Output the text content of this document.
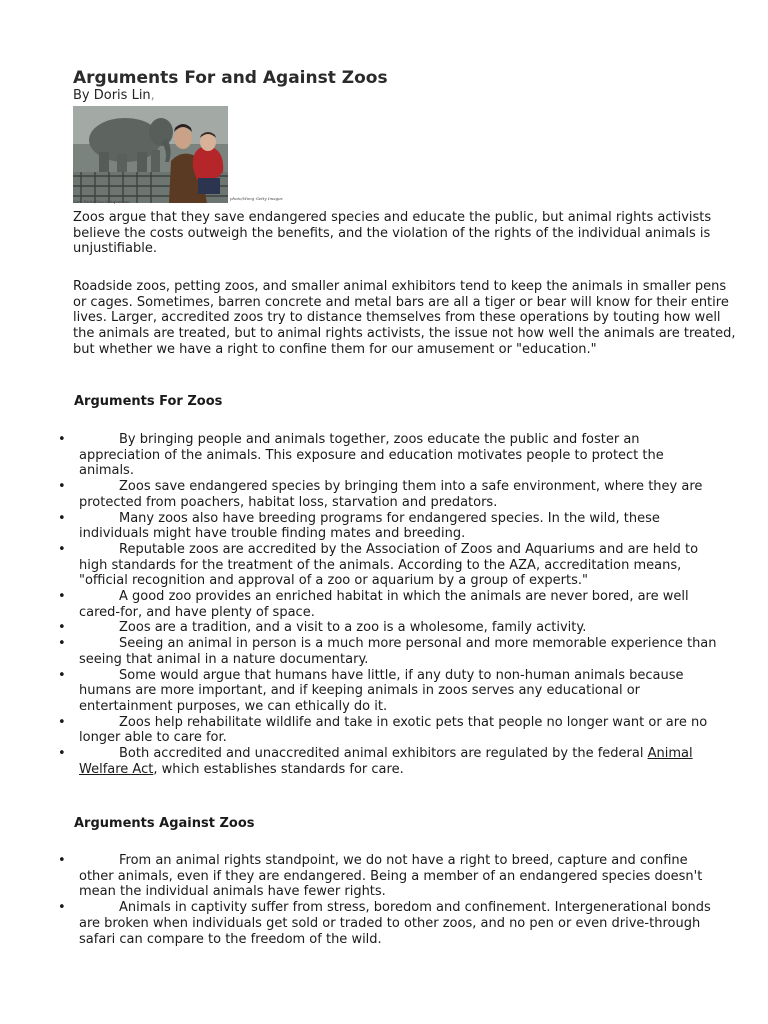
Arguments For and Against Zoos
By Doris Lin,
Sam Hicks/Zoo & Aquarium
photo/Wong Getty Images

Zoos argue that they save endangered species and educate the public, but animal rights activists believe the costs outweigh the benefits, and the violation of the rights of the individual animals is unjustifiable.

Roadside zoos, petting zoos, and smaller animal exhibitors tend to keep the animals in smaller pens or cages. Sometimes, barren concrete and metal bars are all a tiger or bear will know for their entire lives. Larger, accredited zoos try to distance themselves from these operations by touting how well the animals are treated, but to animal rights activists, the issue not how well the animals are treated, but whether we have a right to confine them for our amusement or "education."

Arguments For Zoos
•	By bringing people and animals together, zoos educate the public and foster an appreciation of the animals. This exposure and education motivates people to protect the animals.
•	Zoos save endangered species by bringing them into a safe environment, where they are protected from poachers, habitat loss, starvation and predators.
•	Many zoos also have breeding programs for endangered species. In the wild, these individuals might have trouble finding mates and breeding.
•	Reputable zoos are accredited by the Association of Zoos and Aquariums and are held to high standards for the treatment of the animals. According to the AZA, accreditation means, "official recognition and approval of a zoo or aquarium by a group of experts."
•	A good zoo provides an enriched habitat in which the animals are never bored, are well cared-for, and have plenty of space.
•	Zoos are a tradition, and a visit to a zoo is a wholesome, family activity.
•	Seeing an animal in person is a much more personal and more memorable experience than seeing that animal in a nature documentary.
•	Some would argue that humans have little, if any duty to non-human animals because humans are more important, and if keeping animals in zoos serves any educational or entertainment purposes, we can ethically do it.
•	Zoos help rehabilitate wildlife and take in exotic pets that people no longer want or are no longer able to care for.
•	Both accredited and unaccredited animal exhibitors are regulated by the federal Animal Welfare Act, which establishes standards for care.
Arguments Against Zoos
•	From an animal rights standpoint, we do not have a right to breed, capture and confine other animals, even if they are endangered. Being a member of an endangered species doesn't mean the individual animals have fewer rights.
•	Animals in captivity suffer from stress, boredom and confinement. Intergenerational bonds are broken when individuals get sold or traded to other zoos, and no pen or even drive-through safari can compare to the freedom of the wild.
